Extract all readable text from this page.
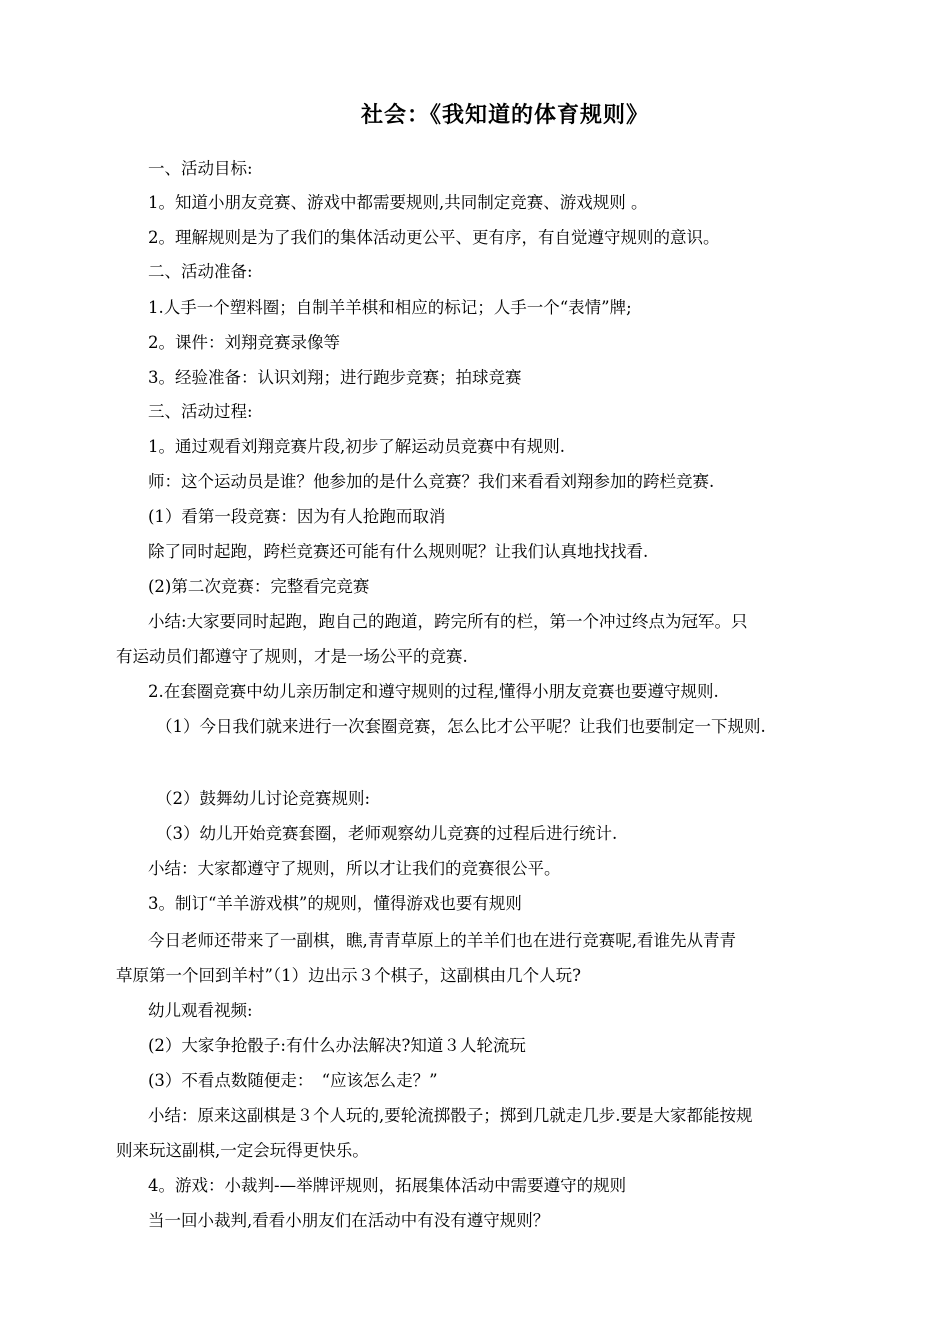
社会：《我知道的体育规则》
一、活动目标:
1。知道小朋友竞赛、游戏中都需要规则,共同制定竞赛、游戏规则 。
2。理解规则是为了我们的集体活动更公平、更有序，有自觉遵守规则的意识。
二、活动准备:
1.人手一个塑料圈；自制羊羊棋和相应的标记；人手一个“表情”牌;
2。课件：刘翔竞赛录像等
3。经验准备：认识刘翔；进行跑步竞赛；拍球竞赛
三、活动过程:
1。通过观看刘翔竞赛片段,初步了解运动员竞赛中有规则.
师：这个运动员是谁？他参加的是什么竞赛？我们来看看刘翔参加的跨栏竞赛.
(1）看第一段竞赛：因为有人抢跑而取消
除了同时起跑，跨栏竞赛还可能有什么规则呢？让我们认真地找找看.
(2)第二次竞赛：完整看完竞赛
小结:大家要同时起跑，跑自己的跑道，跨完所有的栏，第一个冲过终点为冠军。只
有运动员们都遵守了规则，才是一场公平的竞赛.
2.在套圈竞赛中幼儿亲历制定和遵守规则的过程,懂得小朋友竞赛也要遵守规则.
（1）今日我们就来进行一次套圈竞赛，怎么比才公平呢？让我们也要制定一下规则.
（2）鼓舞幼儿讨论竞赛规则:
（3）幼儿开始竞赛套圈，老师观察幼儿竞赛的过程后进行统计.
小结：大家都遵守了规则，所以才让我们的竞赛很公平。
3。制订“羊羊游戏棋”的规则，懂得游戏也要有规则
今日老师还带来了一副棋，瞧,青青草原上的羊羊们也在进行竞赛呢,看谁先从青青
草原第一个回到羊村”（1）边出示３个棋子，这副棋由几个人玩?
幼儿观看视频:
(2）大家争抢骰子:有什么办法解决?知道３人轮流玩
(3）不看点数随便走：　“应该怎么走？”
小结：原来这副棋是３个人玩的,要轮流掷骰子；掷到几就走几步.要是大家都能按规
则来玩这副棋,一定会玩得更快乐。
4。游戏：小裁判-—举牌评规则，拓展集体活动中需要遵守的规则
当一回小裁判,看看小朋友们在活动中有没有遵守规则？
